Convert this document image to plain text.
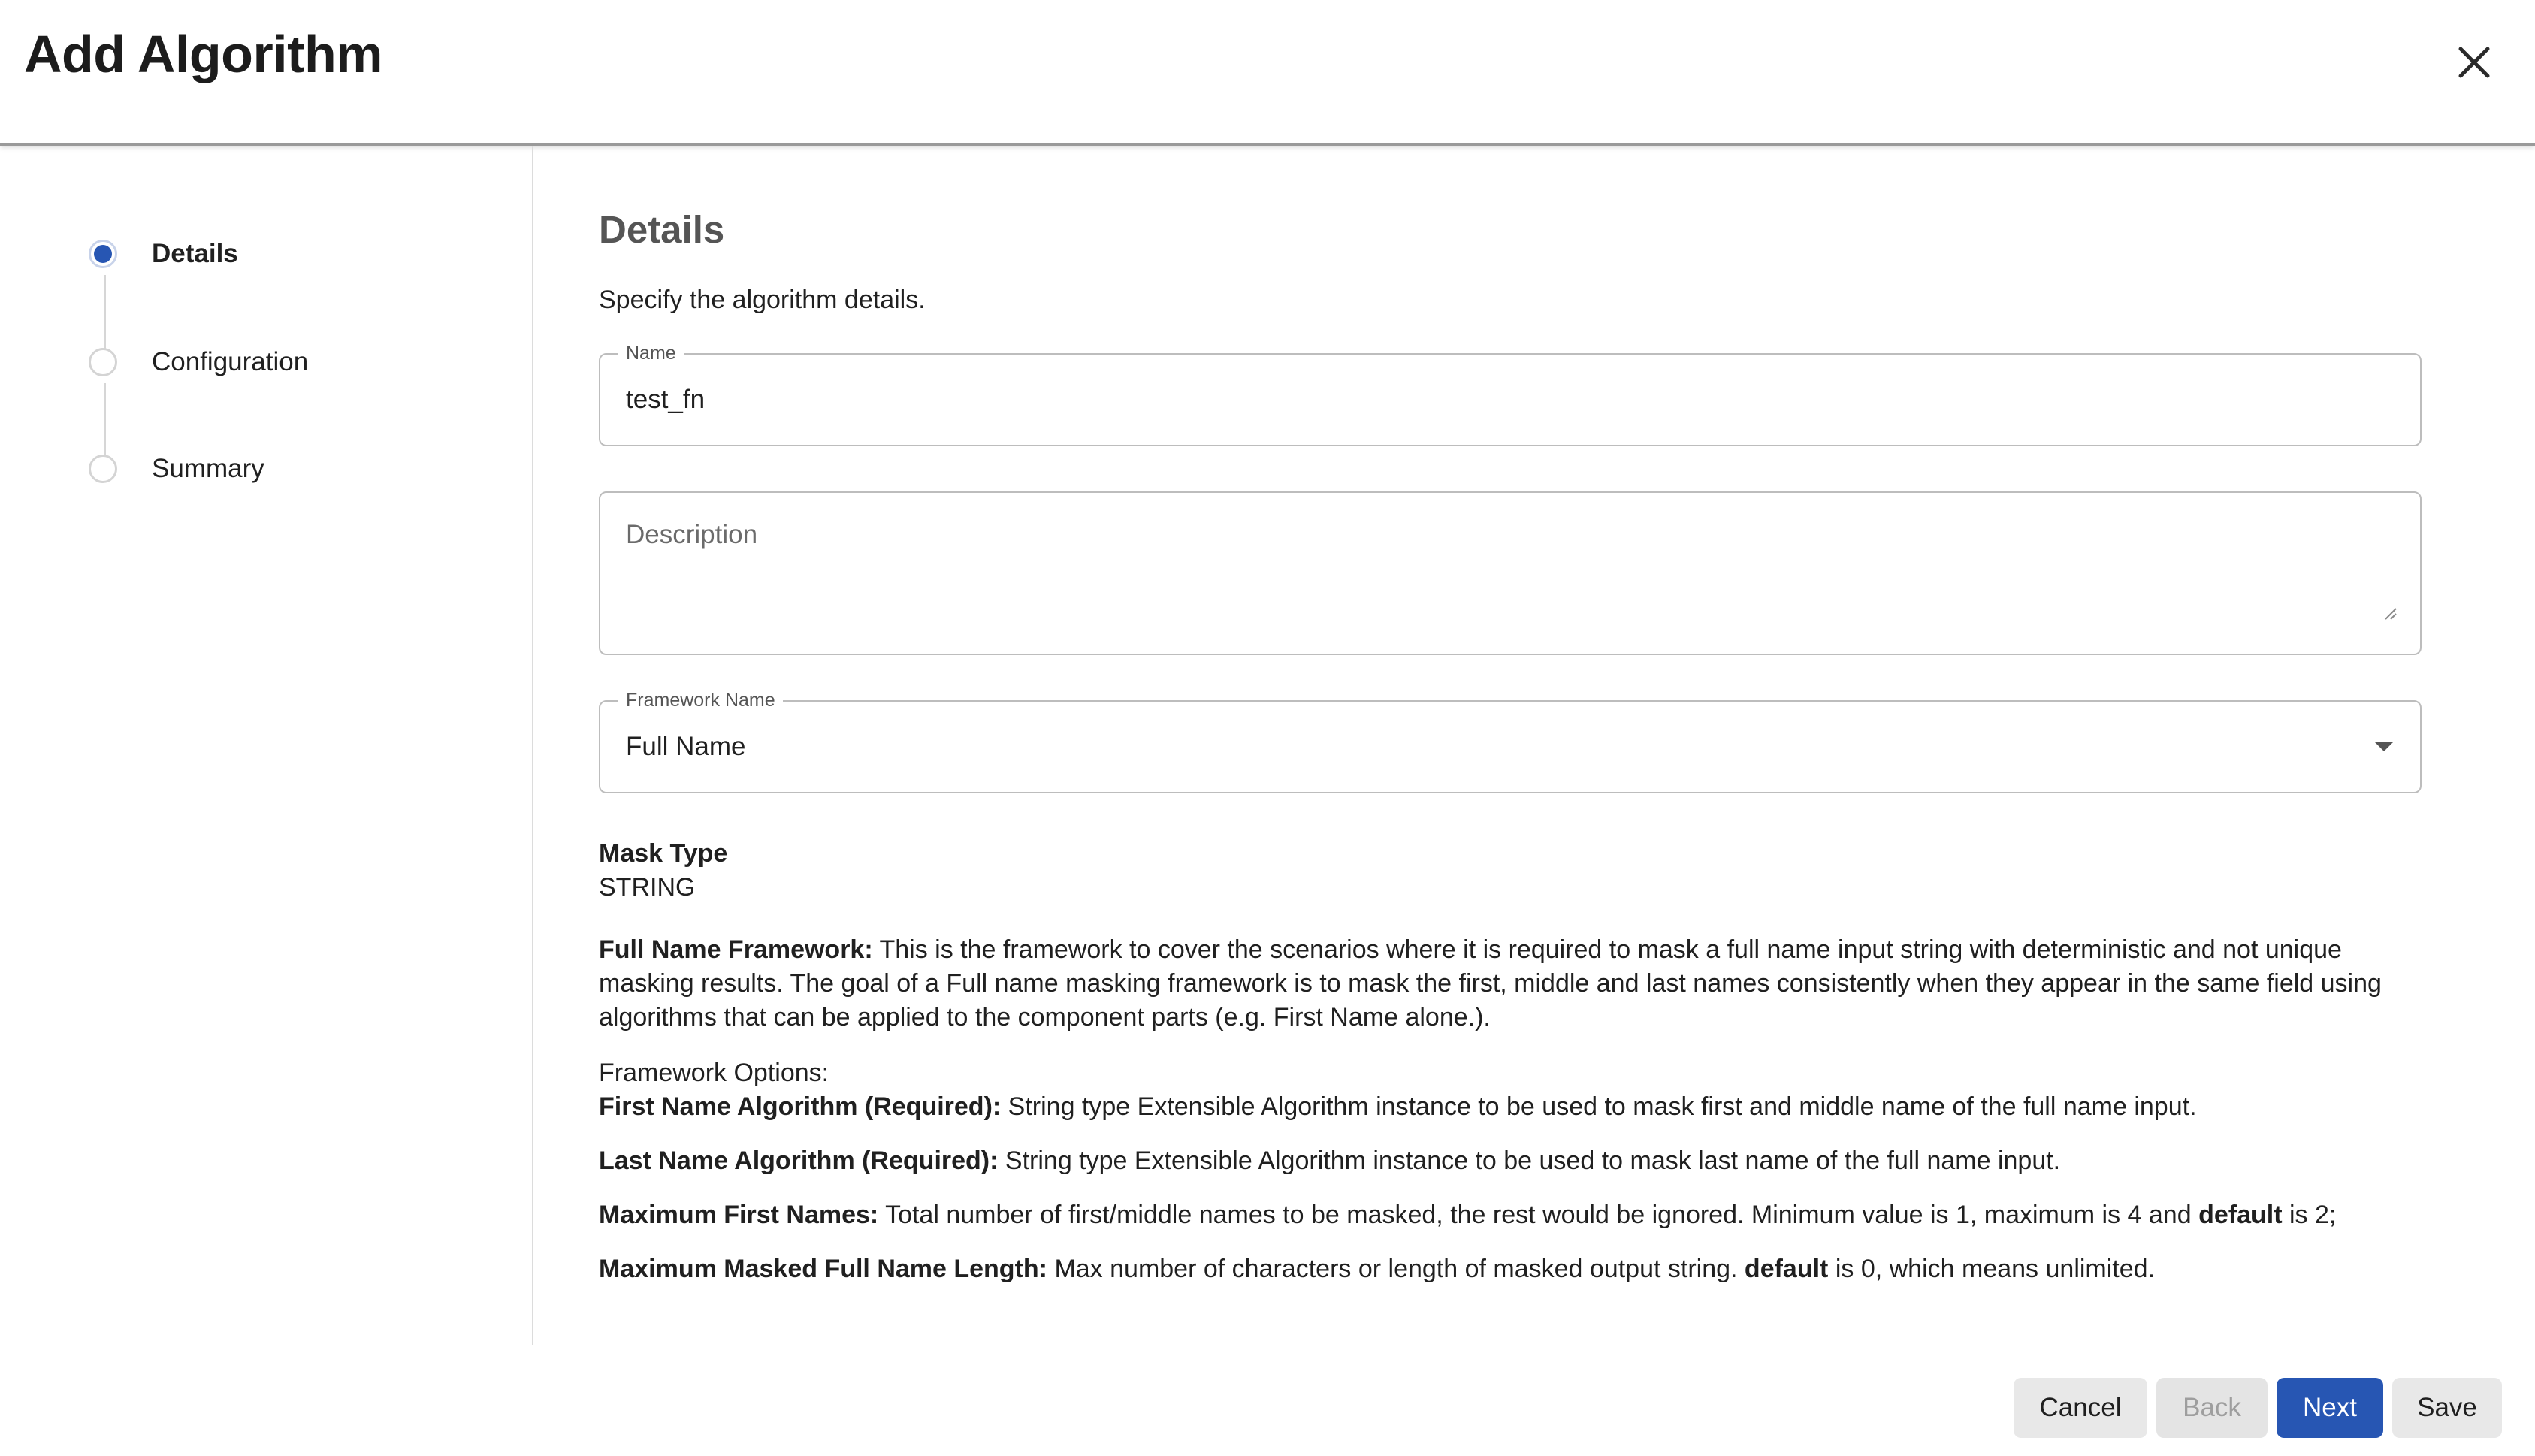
Add Algorithm
Details
Configuration
Summary
Details
Specify the algorithm details.
Name
test_fn
Description
Framework Name
Full Name
Mask Type
STRING

Full Name Framework: This is the framework to cover the scenarios where it is required to mask a full name input string with deterministic and not unique masking results. The goal of a Full name masking framework is to mask the first, middle and last names consistently when they appear in the same field using algorithms that can be applied to the component parts (e.g. First Name alone.).

Framework Options:
First Name Algorithm (Required): String type Extensible Algorithm instance to be used to mask first and middle name of the full name input.
Last Name Algorithm (Required): String type Extensible Algorithm instance to be used to mask last name of the full name input.
Maximum First Names: Total number of first/middle names to be masked, the rest would be ignored. Minimum value is 1, maximum is 4 and default is 2;
Maximum Masked Full Name Length: Max number of characters or length of masked output string. default is 0, which means unlimited.
Cancel	Back	Next	Save
